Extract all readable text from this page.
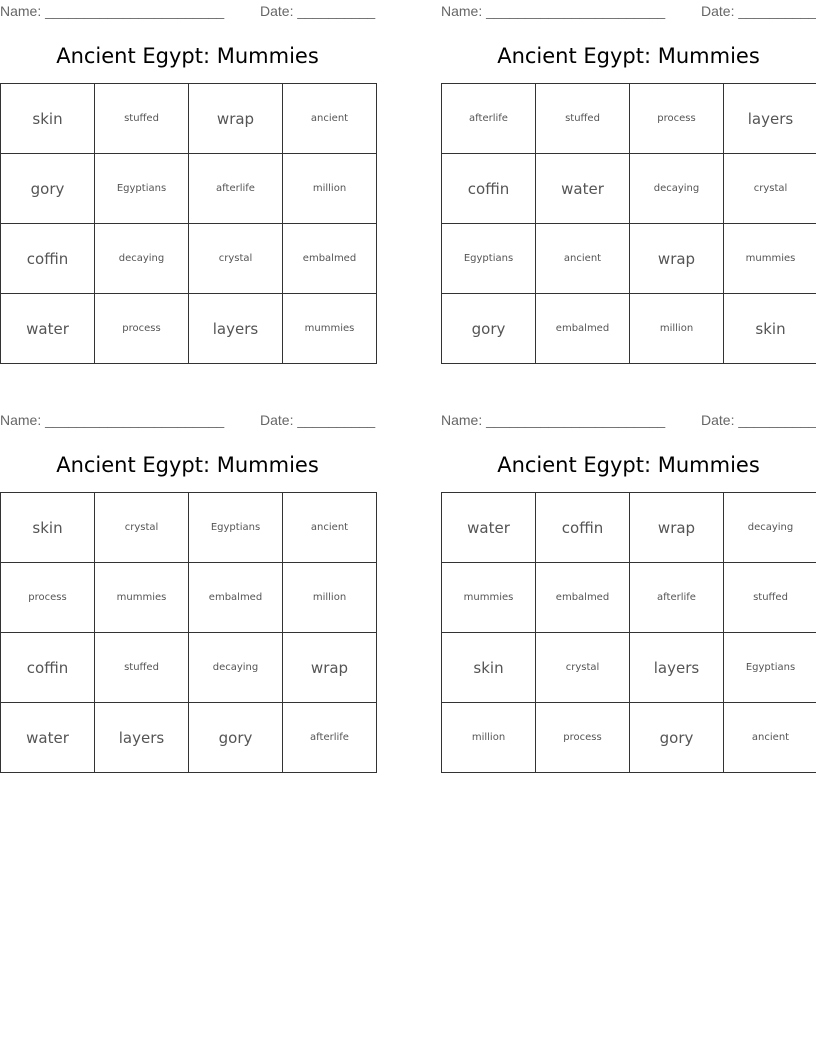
Name: _______________________	Date: __________
Ancient Egypt: Mummies
skin	stuffed	wrap	ancient
gory	Egyptians	afterlife	million
coffin	decaying	crystal	embalmed
water	process	layers	mummies
Name: _______________________	Date: __________
Ancient Egypt: Mummies
afterlife	stuffed	process	layers
coffin	water	decaying	crystal
Egyptians	ancient	wrap	mummies
gory	embalmed	million	skin
Name: _______________________	Date: __________
Ancient Egypt: Mummies
skin	crystal	Egyptians	ancient
process	mummies	embalmed	million
coffin	stuffed	decaying	wrap
water	layers	gory	afterlife
Name: _______________________	Date: __________
Ancient Egypt: Mummies
water	coffin	wrap	decaying
mummies	embalmed	afterlife	stuffed
skin	crystal	layers	Egyptians
million	process	gory	ancient
